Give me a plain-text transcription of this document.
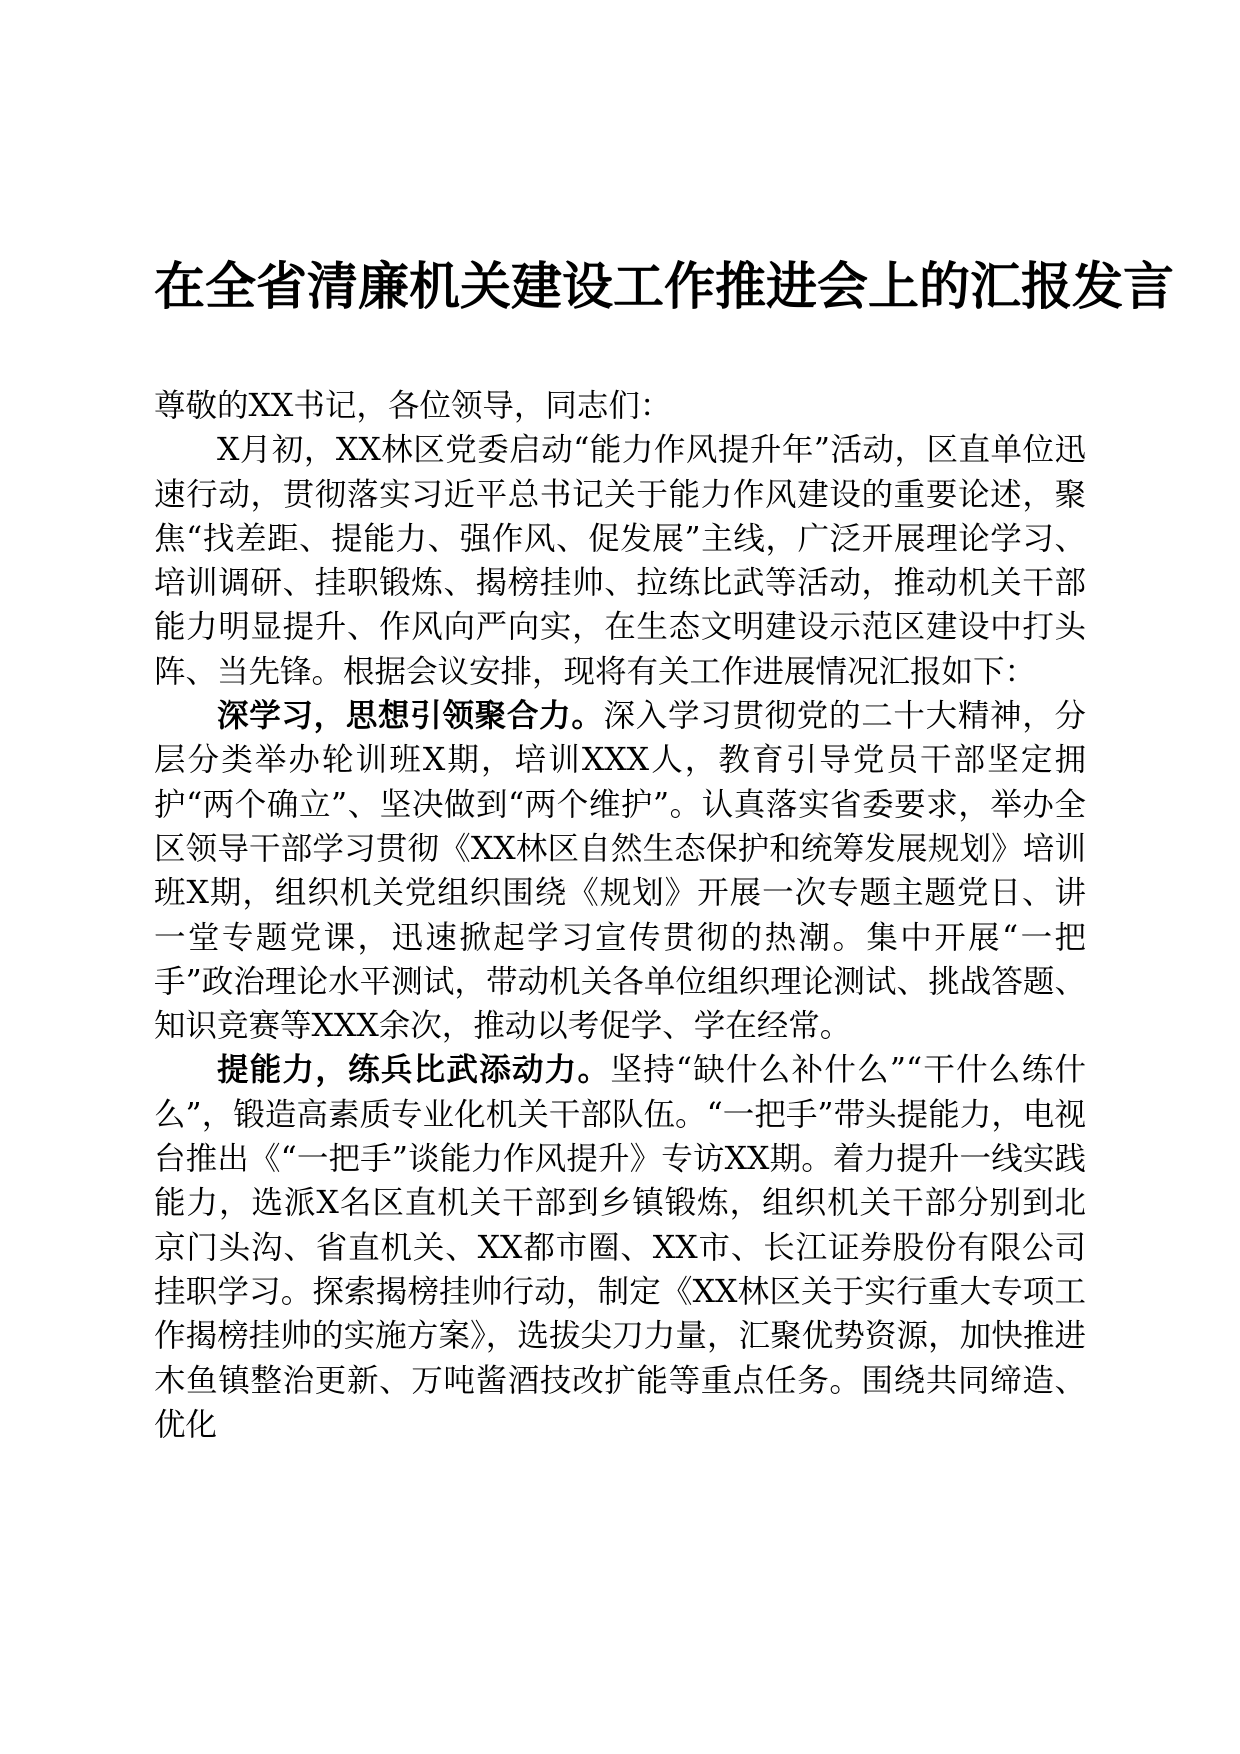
在全省清廉机关建设工作推进会上的汇报发言

尊敬的XX书记，各位领导，同志们：

X月初，XX林区党委启动“能力作风提升年”活动，区直单位迅速行动，贯彻落实习近平总书记关于能力作风建设的重要论述，聚焦“找差距、提能力、强作风、促发展”主线，广泛开展理论学习、培训调研、挂职锻炼、揭榜挂帅、拉练比武等活动，推动机关干部能力明显提升、作风向严向实，在生态文明建设示范区建设中打头阵、当先锋。根据会议安排，现将有关工作进展情况汇报如下：

深学习，思想引领聚合力。深入学习贯彻党的二十大精神，分层分类举办轮训班X期，培训XXX人，教育引导党员干部坚定拥护“两个确立”、坚决做到“两个维护”。认真落实省委要求，举办全区领导干部学习贯彻《XX林区自然生态保护和统筹发展规划》培训班X期，组织机关党组织围绕《规划》开展一次专题主题党日、讲一堂专题党课，迅速掀起学习宣传贯彻的热潮。集中开展“一把手”政治理论水平测试，带动机关各单位组织理论测试、挑战答题、知识竞赛等XXX余次，推动以考促学、学在经常。

提能力，练兵比武添动力。坚持“缺什么补什么”“干什么练什么”，锻造高素质专业化机关干部队伍。“一把手”带头提能力，电视台推出《“一把手”谈能力作风提升》专访XX期。着力提升一线实践能力，选派X名区直机关干部到乡镇锻炼，组织机关干部分别到北京门头沟、省直机关、XX都市圈、XX市、长江证券股份有限公司挂职学习。探索揭榜挂帅行动，制定《XX林区关于实行重大专项工作揭榜挂帅的实施方案》，选拔尖刀力量，汇聚优势资源，加快推进木鱼镇整治更新、万吨酱酒技改扩能等重点任务。围绕共同缔造、优化
